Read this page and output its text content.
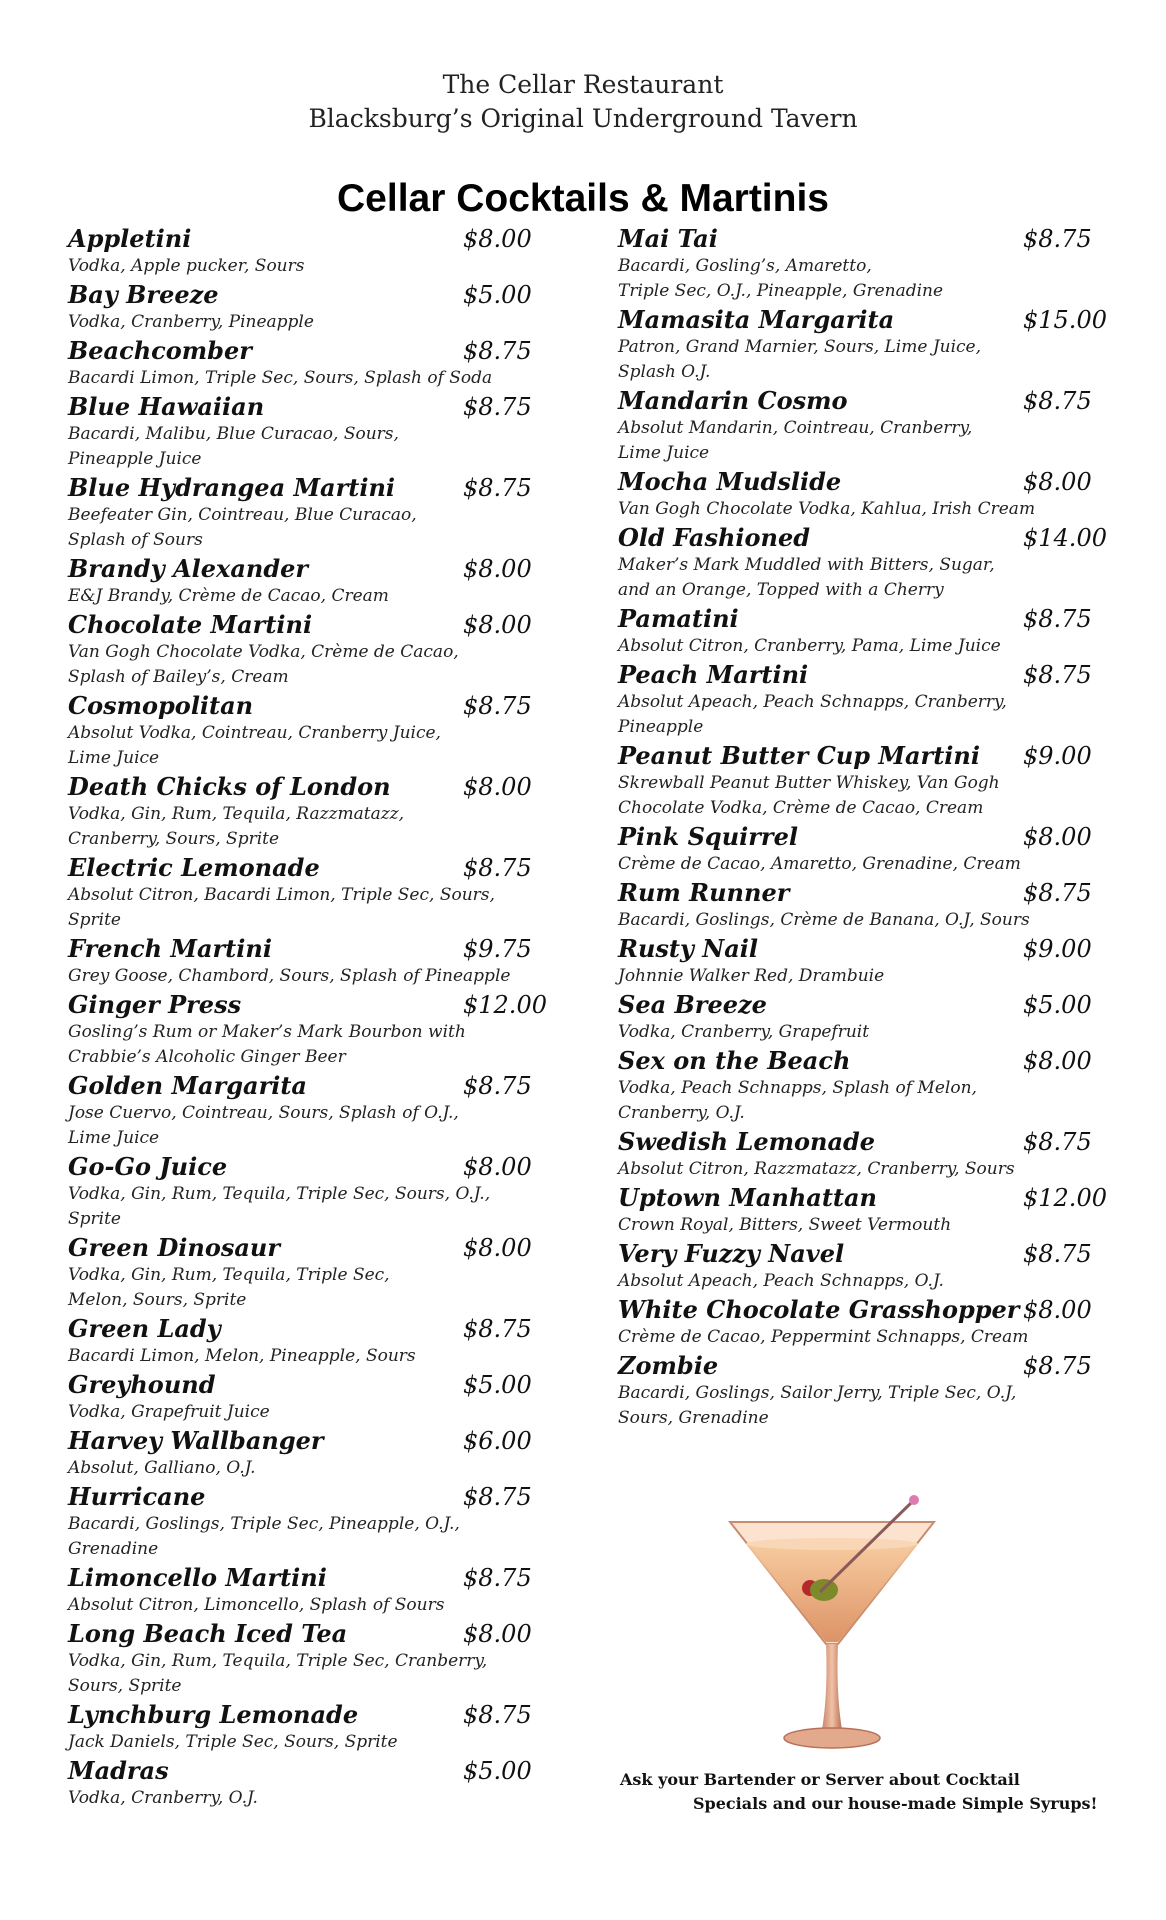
The Cellar Restaurant
Blacksburg’s Original Underground Tavern
Cellar Cocktails & Martinis
Appletini	$8.00
Vodka, Apple pucker, Sours
Bay Breeze	$5.00
Vodka, Cranberry, Pineapple
Beachcomber	$8.75
Bacardi Limon, Triple Sec, Sours, Splash of Soda
Blue Hawaiian	$8.75
Bacardi, Malibu, Blue Curacao, Sours,
Pineapple Juice
Blue Hydrangea Martini	$8.75
Beefeater Gin, Cointreau, Blue Curacao,
Splash of Sours
Brandy Alexander	$8.00
E&J Brandy, Crème de Cacao, Cream
Chocolate Martini	$8.00
Van Gogh Chocolate Vodka, Crème de Cacao,
Splash of Bailey’s, Cream
Cosmopolitan	$8.75
Absolut Vodka, Cointreau, Cranberry Juice,
Lime Juice
Death Chicks of London	$8.00
Vodka, Gin, Rum, Tequila, Razzmatazz,
Cranberry, Sours, Sprite
Electric Lemonade	$8.75
Absolut Citron, Bacardi Limon, Triple Sec, Sours,
Sprite
French Martini	$9.75
Grey Goose, Chambord, Sours, Splash of Pineapple
Ginger Press	$12.00
Gosling’s Rum or Maker’s Mark Bourbon with
Crabbie’s Alcoholic Ginger Beer
Golden Margarita	$8.75
Jose Cuervo, Cointreau, Sours, Splash of O.J.,
Lime Juice
Go-Go Juice	$8.00
Vodka, Gin, Rum, Tequila, Triple Sec, Sours, O.J.,
Sprite
Green Dinosaur	$8.00
Vodka, Gin, Rum, Tequila, Triple Sec,
Melon, Sours, Sprite
Green Lady	$8.75
Bacardi Limon, Melon, Pineapple, Sours
Greyhound	$5.00
Vodka, Grapefruit Juice
Harvey Wallbanger	$6.00
Absolut, Galliano, O.J.
Hurricane	$8.75
Bacardi, Goslings, Triple Sec, Pineapple, O.J.,
Grenadine
Limoncello Martini	$8.75
Absolut Citron, Limoncello, Splash of Sours
Long Beach Iced Tea	$8.00
Vodka, Gin, Rum, Tequila, Triple Sec, Cranberry,
Sours, Sprite
Lynchburg Lemonade	$8.75
Jack Daniels, Triple Sec, Sours, Sprite
Madras	$5.00
Vodka, Cranberry, O.J.
Mai Tai	$8.75
Bacardi, Gosling’s, Amaretto,
Triple Sec, O.J., Pineapple, Grenadine
Mamasita Margarita	$15.00
Patron, Grand Marnier, Sours, Lime Juice,
Splash O.J.
Mandarin Cosmo	$8.75
Absolut Mandarin, Cointreau, Cranberry,
Lime Juice
Mocha Mudslide	$8.00
Van Gogh Chocolate Vodka, Kahlua, Irish Cream
Old Fashioned	$14.00
Maker’s Mark Muddled with Bitters, Sugar,
and an Orange, Topped with a Cherry
Pamatini	$8.75
Absolut Citron, Cranberry, Pama, Lime Juice
Peach Martini	$8.75
Absolut Apeach, Peach Schnapps, Cranberry,
Pineapple
Peanut Butter Cup Martini $9.00
Skrewball Peanut Butter Whiskey, Van Gogh
Chocolate Vodka, Crème de Cacao, Cream
Pink Squirrel	$8.00
Crème de Cacao, Amaretto, Grenadine, Cream
Rum Runner	$8.75
Bacardi, Goslings, Crème de Banana, O.J, Sours
Rusty Nail	$9.00
Johnnie Walker Red, Drambuie
Sea Breeze	$5.00
Vodka, Cranberry, Grapefruit
Sex on the Beach	$8.00
Vodka, Peach Schnapps, Splash of Melon,
Cranberry, O.J.
Swedish Lemonade	$8.75
Absolut Citron, Razzmatazz, Cranberry, Sours
Uptown Manhattan	$12.00
Crown Royal, Bitters, Sweet Vermouth
Very Fuzzy Navel	$8.75
Absolut Apeach, Peach Schnapps, O.J.
White Chocolate Grasshopper $8.00
Crème de Cacao, Peppermint Schnapps, Cream
Zombie	$8.75
Bacardi, Goslings, Sailor Jerry, Triple Sec, O.J,
Sours, Grenadine
Ask your Bartender or Server about Cocktail
Specials and our house-made Simple Syrups!
